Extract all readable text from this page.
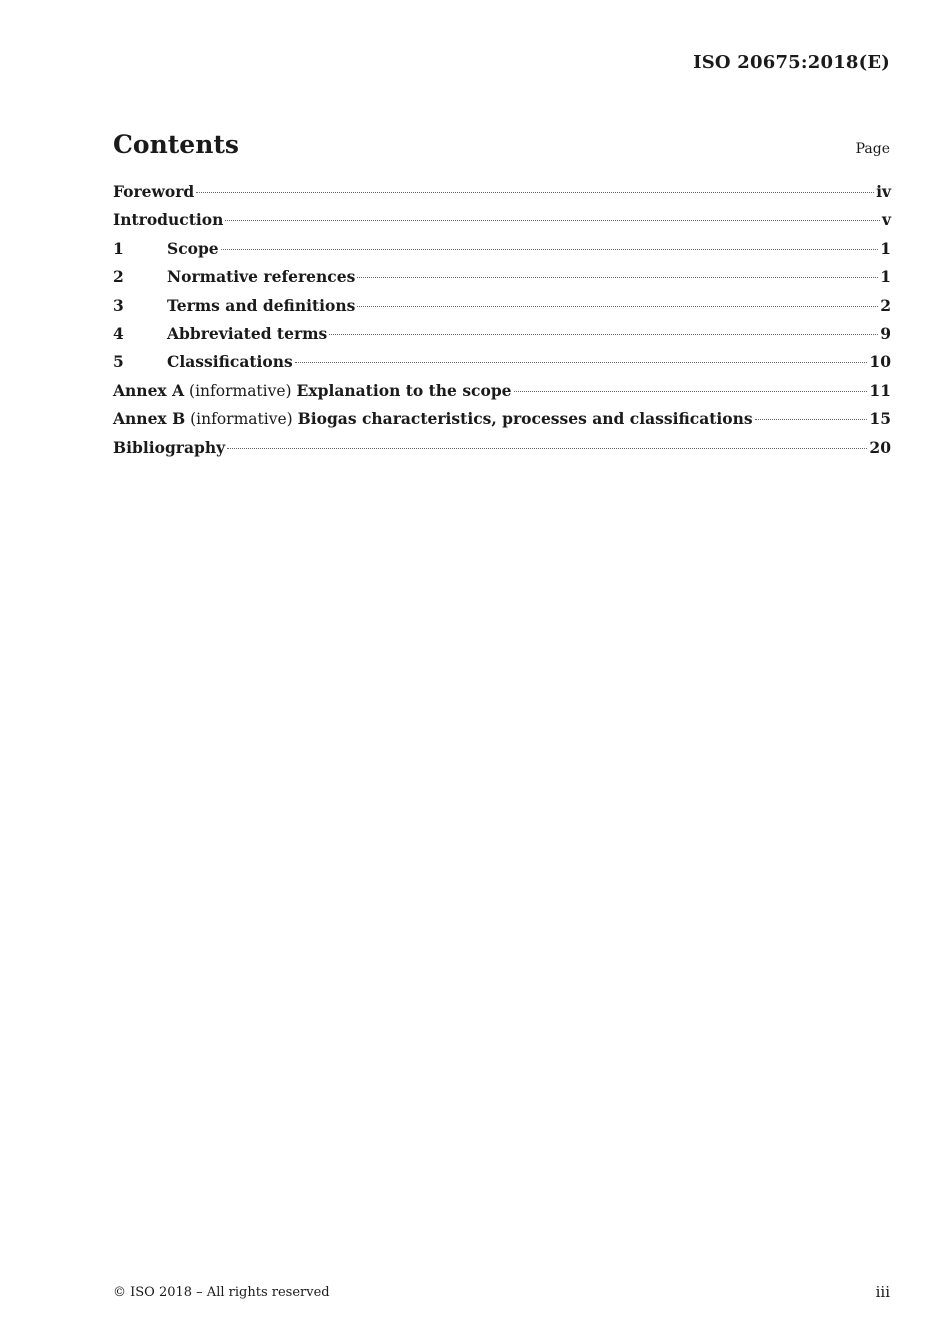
ISO 20675:2018(E)
Contents	Page
Foreword	iv
Introduction	v
1	Scope	1
2	Normative references	1
3	Terms and definitions	2
4	Abbreviated terms	9
5	Classifications	10
Annex A (informative) Explanation to the scope	11
Annex B (informative) Biogas characteristics, processes and classifications	15
Bibliography	20
© ISO 2018 – All rights reserved	iii
